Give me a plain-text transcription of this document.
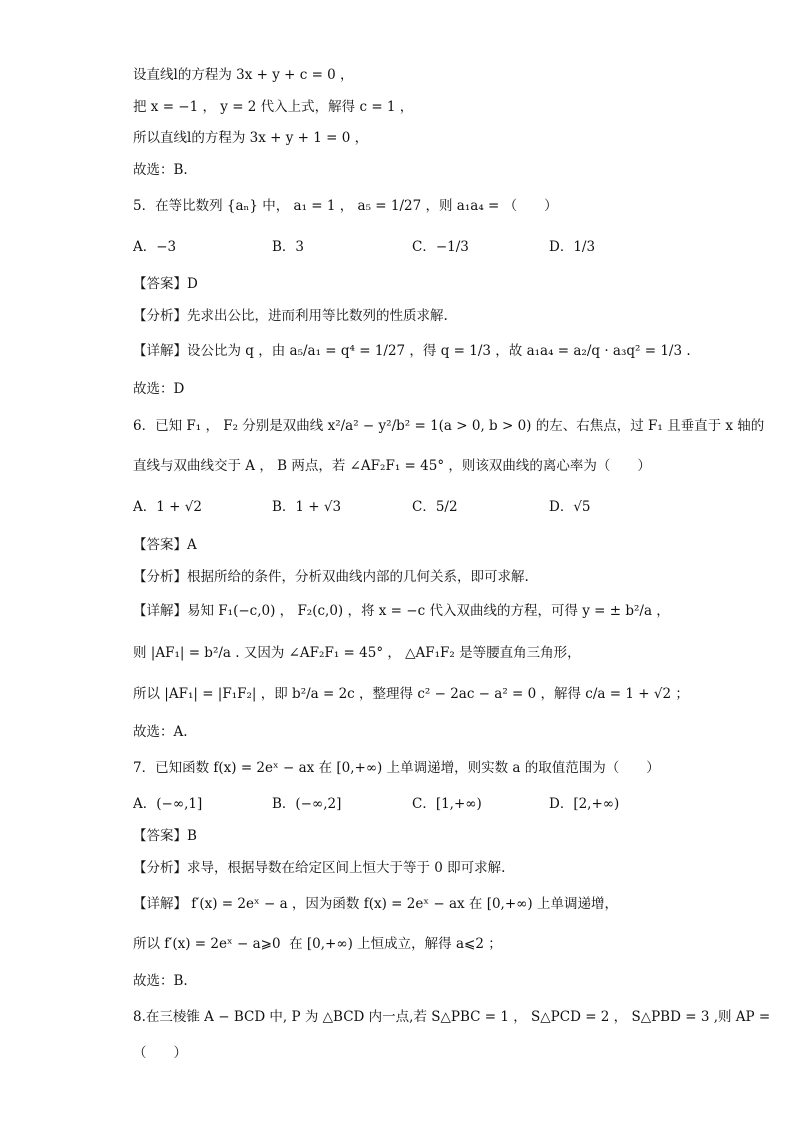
设直线l的方程为 3x + y + c = 0 ，
把 x = −1 ， y = 2 代入上式，解得 c = 1 ，
所以直线l的方程为 3x + y + 1 = 0 ，
故选：B.
5．在等比数列 {aₙ} 中， a₁ = 1 ， a₅ = 1/27 ，则 a₁a₄ = （　　）
A．−3	B．3	C．−1/3	D．1/3
【答案】D
【分析】先求出公比，进而利用等比数列的性质求解.
【详解】设公比为 q ，由 a₅/a₁ = q⁴ = 1/27 ，得 q = 1/3 ，故 a₁a₄ = a₂/q · a₃q² = 1/3 .
故选：D
6．已知 F₁ ， F₂ 分别是双曲线 x²/a² − y²/b² = 1(a > 0, b > 0) 的左、右焦点，过 F₁ 且垂直于 x 轴的
直线与双曲线交于 A ， B 两点，若 ∠AF₂F₁ = 45° ，则该双曲线的离心率为（　　）
A．1 + √2	B．1 + √3	C．5/2	D．√5
【答案】A
【分析】根据所给的条件，分析双曲线内部的几何关系，即可求解.
【详解】易知 F₁(−c,0) ， F₂(c,0) ，将 x = −c 代入双曲线的方程，可得 y = ± b²/a ，
则 |AF₁| = b²/a . 又因为 ∠AF₂F₁ = 45° ， △AF₁F₂ 是等腰直角三角形，
所以 |AF₁| = |F₁F₂| ，即 b²/a = 2c ，整理得 c² − 2ac − a² = 0 ，解得 c/a = 1 + √2 ；
故选：A.
7．已知函数 f(x) = 2eˣ − ax 在 [0,+∞) 上单调递增，则实数 a 的取值范围为（　　）
A．(−∞,1]	B．(−∞,2]	C．[1,+∞)	D．[2,+∞)
【答案】B
【分析】求导，根据导数在给定区间上恒大于等于 0 即可求解.
【详解】 f′(x) = 2eˣ − a ，因为函数 f(x) = 2eˣ − ax 在 [0,+∞) 上单调递增，
所以 f′(x) = 2eˣ − a⩾0  在 [0,+∞) 上恒成立，解得 a⩽2 ；
故选：B.
8.在三棱锥 A − BCD 中, P 为 △BCD 内一点,若 S△PBC = 1 ， S△PCD = 2 ， S△PBD = 3 ,则 AP =
（　　）
